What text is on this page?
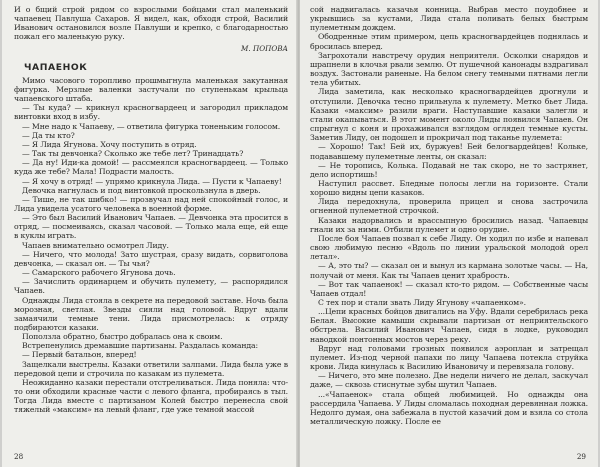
И о бщий строй рядом со взрослыми бойцами стал маленький чапаевец Павлуша Сахаров. Я видел, как, обходя строй, Василий Иванович остановился возле Павлуши и крепко, с благодарностью пожал его маленькую руку.

М. ПОПОВА

ЧАПАЕНОК

Мимо часового торопливо прошмыгнула маленькая закутанная фигурка. Мерзлые валенки застучали по ступенькам крыльца чапаевского штаба.

— Ты куда? — крикнул красногвардеец и загородил прикладом винтовки вход в избу.

— Мне надо к Чапаеву, — ответила фигурка тоненьким голосом.

— Да ты кто?

— Я Лида Ягунова. Хочу поступить в отряд.

— Так ты девчонка? Сколько же тебе лет? Тринадцать?

— Да ну! Иди-ка домой! — рассмеялся красногвардеец. — Только куда же тебе? Мала! Подрасти малость.

— Я хочу в отряд! — упрямо крикнула Лида. — Пусти к Чапаеву!

Девочка нагнулась и под винтовкой проскользнула в дверь.

— Тише, не так шибко! — прозвучал над ней спокойный голос, и Лида увидела усатого человека в военной форме.

— Это был Василий Иванович Чапаев. — Девчонка эта просится в отряд, — посмеиваясь, сказал часовой. — Только мала еще, ей еще в куклы играть.

Чапаев внимательно осмотрел Лиду.

— Ничего, что молода! Зато шустрая, сразу видать, сорвиголова девчонка, — сказал он. — Ты чья?

— Самарского рабочего Ягунова дочь.

— Зачислить ординарцем и обучить пулемету, — распорядился Чапаев.

Однажды Лида стояла в секрете на передовой заставе. Ночь была морозная, светлая. Звезды сияли над головой. Вдруг вдали замаячили темные тени. Лида присмотрелась: к отряду подбираются казаки.

Поползла обратно, быстро добралась она к своим.

Встрепенулись дремавшие партизаны. Раздалась команда:

— Первый батальон, вперед!

Защелкали выстрелы. Казаки ответили залпами. Лида была уже в передовой цепи и строчила по казакам из пулемета.

Неожиданно казаки перестали отстреливаться. Лида поняла: что-то они обходили красные части с левого фланга, пробираясь в тыл. Тогда Лида вместе с партизаном Колей быстро перенесла свой тяжелый «максим» на левый фланг, где уже темной массой

28

сой надвигалась казачья конница. Выбрав место поудобнее и укрывшись за кустами, Лида стала поливать белых быстрым пулеметным дождем.

Ободренные этим примером, цепь красногвардейцев поднялась и бросилась вперед.

Загрохотали навстречу орудия неприятеля. Осколки снарядов и шрапнели в клочья рвали землю. От пушечной канонады вздрагивал воздух. Застонали раненые. На белом снегу темными пятнами легли тела убитых.

Лида заметила, как несколько красногвардейцев дрогнули и отступили. Девочка тесно прильнула к пулемету. Метко бьет Лида. Казаки «максим» разили враги. Наступавшие казаки залегли и стали окапываться. В этот момент около Лиды появился Чапаев. Он спрыгнул с коня и прохаживался взглядом оглядел темные кусты. Заметив Лиду, он подошел и прокричал под таканье пулемета:

— Хорошо! Так! Бей их, буржуев! Бей белогвардейцев! Кольке, подававшему пулеметные ленты, он сказал:

— Не торопись, Колька. Подавай не так скоро, не то застрянет, дело испортишь!

Наступил рассвет. Бледные полосы легли на горизонте. Стали хорошо видны цепи казаков.

Лида передохнула, проверила прицел и снова застрочила огненной пулеметной строчкой.

Казаки надорвались и врассыпную бросились назад. Чапаевцы гнали их за ними. Отбили пулемет и одно орудие.

После боя Чапаев позвал к себе Лиду. Он ходил по избе и напевал свою любимую песню «Вдоль по линии уральской молодой орел летал».

— А, это ты? — сказал он и вынул из кармана золотые часы. — На, получай от меня. Как ты Чапаев ценит храбрость.

— Вот так чапаенок! — сказал кто-то рядом. — Собственные часы Чапаев отдал!

С тех пор и стали звать Лиду Ягунову «чапаенком».

...Цепи красных бойцов двигались на Уфу. Вдали серебрилась река Белая. Высокие камыши скрывали партизан от неприятельского обстрела. Василий Иванович Чапаев, сидя в лодке, руководил наводкой понтонных мостов через реку.

Вдруг над головами грозных появился аэроплан и затрещал пулемет. Из-под черной папахи по лицу Чапаева потекла струйка крови. Лида кинулась к Василию Ивановичу и перевязала голову.

— Ничего, это мне полезно. Две недели ничего не делал, заскучал даже, — сквозь стиснутые зубы шутил Чапаев.

...«Чапаенок» стала общей любимицей. Но однажды она рассердила Чапаева. У Лиды сломалась походная деревянная ложка. Недолго думая, она забежала в пустой казачий дом и взяла со стола металлическую ложку. После ее

29
